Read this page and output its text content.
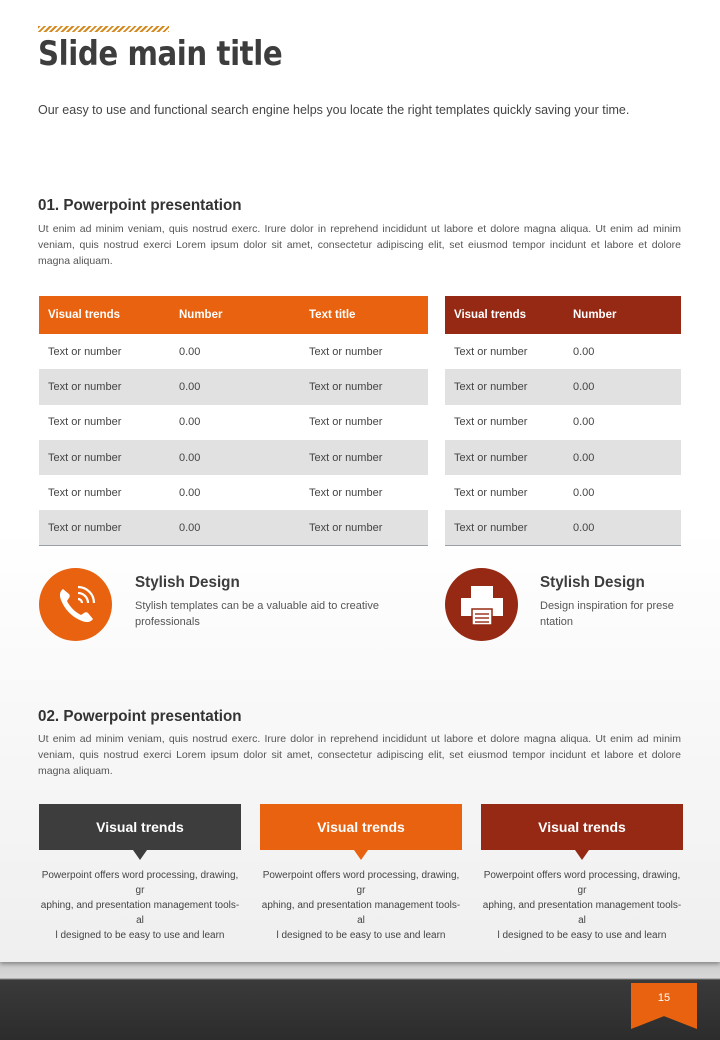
Slide main title
Our easy to use and functional search engine helps you locate the right templates quickly saving your time.
01. Powerpoint presentation
Ut enim ad minim veniam, quis nostrud exerc. Irure dolor in reprehend incididunt ut labore et dolore magna aliqua. Ut enim ad minim veniam, quis nostrud exerci Lorem ipsum dolor sit amet, consectetur adipiscing elit, set eiusmod tempor incidunt et labore et dolore magna aliquam.
Visual trends	Number	Text title
Text or number	0.00	Text or number
Text or number	0.00	Text or number
Text or number	0.00	Text or number
Text or number	0.00	Text or number
Text or number	0.00	Text or number
Text or number	0.00	Text or number
Visual trends	Number
Text or number	0.00
Text or number	0.00
Text or number	0.00
Text or number	0.00
Text or number	0.00
Text or number	0.00
Stylish Design
Stylish templates can be a valuable aid to creative
professionals
Stylish Design
Design inspiration for prese
ntation
02. Powerpoint presentation
Ut enim ad minim veniam, quis nostrud exerc. Irure dolor in reprehend incididunt ut labore et dolore magna aliqua. Ut enim ad minim veniam, quis nostrud exerci Lorem ipsum dolor sit amet, consectetur adipiscing elit, set eiusmod tempor incidunt et labore et dolore magna aliquam.
Visual trends
Powerpoint offers word processing, drawing, gr
aphing, and presentation management tools- al
l designed to be easy to use and learn
Visual trends
Powerpoint offers word processing, drawing, gr
aphing, and presentation management tools- al
l designed to be easy to use and learn
Visual trends
Powerpoint offers word processing, drawing, gr
aphing, and presentation management tools- al
l designed to be easy to use and learn
15
